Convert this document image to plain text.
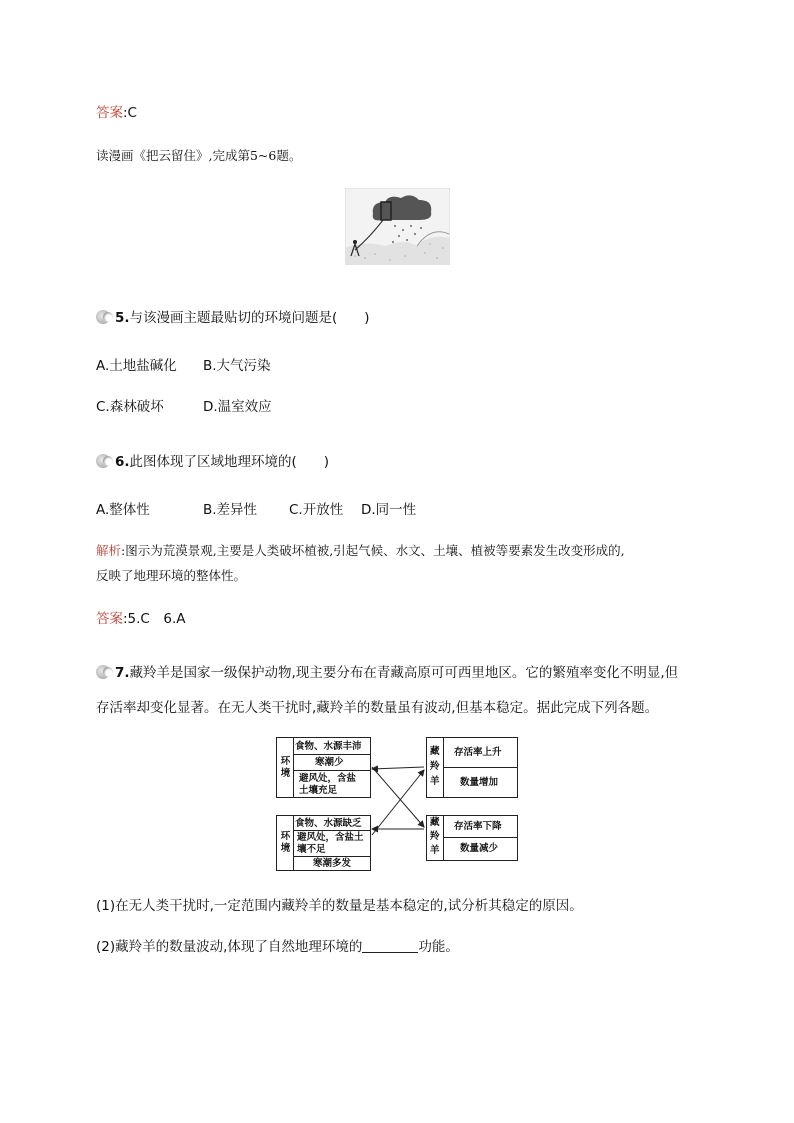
答案:C
读漫画《把云留住》,完成第5~6题。
5.与该漫画主题最贴切的环境问题是(　　)
A.土地盐碱化 B.大气污染
C.森林破坏	D.温室效应
6.此图体现了区域地理环境的(　　)
A.整体性	B.差异性 C.开放性 D.同一性
解析:图示为荒漠景观,主要是人类破坏植被,引起气候、水文、土壤、植被等要素发生改变形成的,
反映了地理环境的整体性。
答案:5.C　6.A
7.藏羚羊是国家一级保护动物,现主要分布在青藏高原可可西里地区。它的繁殖率变化不明显,但
存活率却变化显著。在无人类干扰时,藏羚羊的数量虽有波动,但基本稳定。据此完成下列各题。
环境
食物、水源丰沛
寒潮少
避风处，含盐
土壤充足
环境
食物、水源缺乏
避风处，含盐土
壤不足
寒潮多发
藏羚羊
存活率上升
数量增加
藏羚羊
存活率下降
数量减少
(1)在无人类干扰时,一定范围内藏羚羊的数量是基本稳定的,试分析其稳定的原因。
(2)藏羚羊的数量波动,体现了自然地理环境的	功能。
